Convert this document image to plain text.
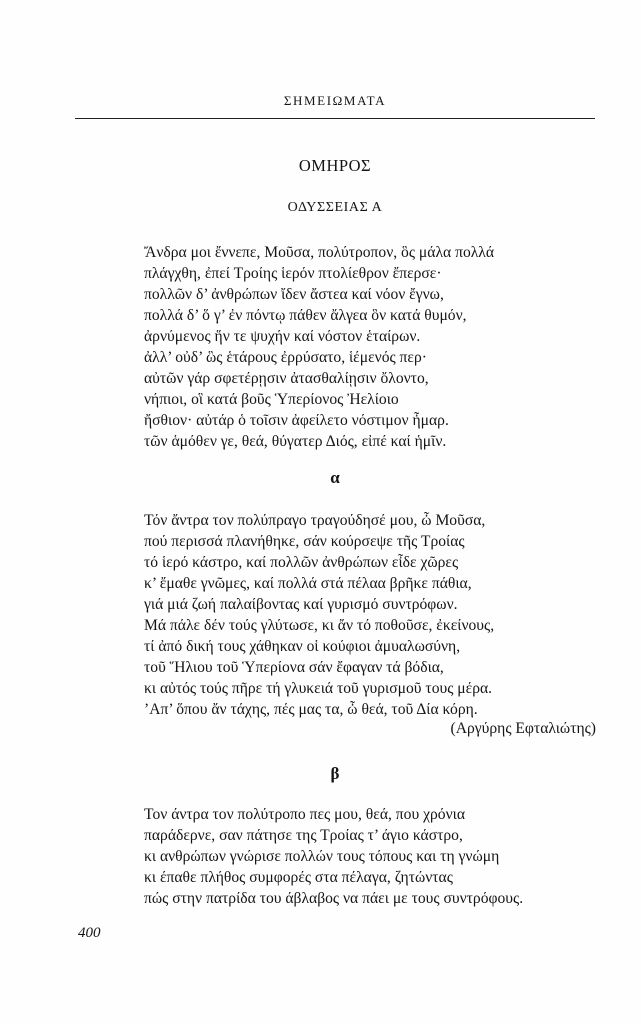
ΣΗΜΕΙΩΜΑΤΑ
ΟΜΗΡΟΣ
ΟΔΥΣΣΕΙΑΣ Α
Ἄνδρα μοι ἔννεπε, Μοῦσα, πολύτροπον, ὃς μάλα πολλά
πλάγχθη, ἐπεί Τροίης ἱερόν πτολίεθρον ἔπερσε·
πολλῶν δ’ ἀνθρώπων ἴδεν ἄστεα καί νόον ἔγνω,
πολλά δ’ ὅ γ’ ἐν πόντῳ πάθεν ἄλγεα ὃν κατά θυμόν,
ἀρνύμενος ἥν τε ψυχήν καί νόστον ἑταίρων.
ἀλλ’ οὐδ’ ὣς ἑτάρους ἐρρύσατο, ἱέμενός περ·
αὐτῶν γάρ σφετέρῃσιν ἀτασθαλίῃσιν ὄλοντο,
νήπιοι, οἳ κατά βοῦς Ὑπερίονος Ἠελίοιο
ἤσθιον· αὐτάρ ὁ τοῖσιν ἀφείλετο νόστιμον ἦμαρ.
τῶν ἁμόθεν γε, θεά, θύγατερ Διός, εἰπέ καί ἡμῖν.
α
Τόν ἄντρα τον πολύπραγο τραγούδησέ μου, ὦ Μοῦσα,
πού περισσά πλανήθηκε, σάν κούρσεψε τῆς Τροίας
τό ἱερό κάστρο, καί πολλῶν ἀνθρώπων εἶδε χῶρες
κ’ ἔμαθε γνῶμες, καί πολλά στά πέλαα βρῆκε πάθια,
γιά μιά ζωή παλαίβοντας καί γυρισμό συντρόφων.
Μά πάλε δέν τούς γλύτωσε, κι ἄν τό ποθοῦσε, ἐκείνους,
τί ἀπό δική τους χάθηκαν οἱ κούφιοι ἀμυαλωσύνη,
τοῦ Ἥλιου τοῦ Ὑπερίονα σάν ἔφαγαν τά βόδια,
κι αὐτός τούς πῆρε τή γλυκειά τοῦ γυρισμοῦ τους μέρα.
’Απ’ ὅπου ἄν τάχης, πές μας τα, ὦ θεά, τοῦ Δία κόρη.
(Αργύρης Εφταλιώτης)
β
Τον άντρα τον πολύτροπο πες μου, θεά, που χρόνια
παράδερνε, σαν πάτησε της Τροίας τ’ άγιο κάστρο,
κι ανθρώπων γνώρισε πολλών τους τόπους και τη γνώμη
κι έπαθε πλήθος συμφορές στα πέλαγα, ζητώντας
πώς στην πατρίδα του άβλαβος να πάει με τους συντρόφους.
400
